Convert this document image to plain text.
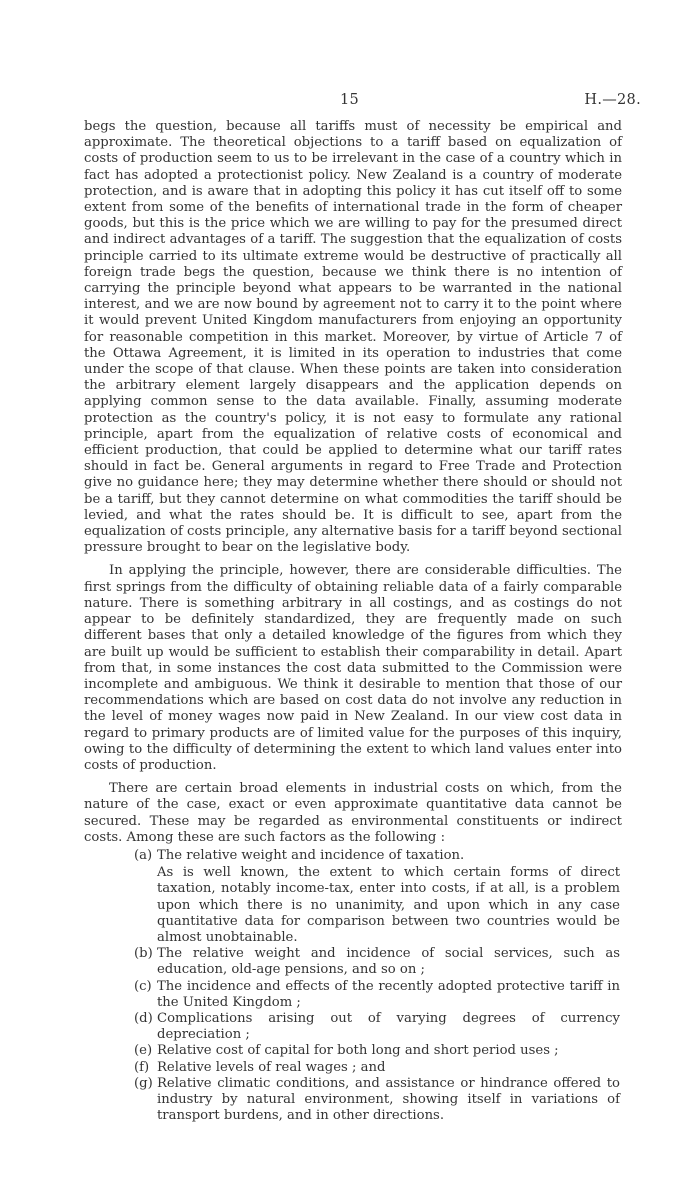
15	H.—28.

begs the question, because all tariffs must of necessity be empirical and approximate. The theoretical objections to a tariff based on equalization of costs of production seem to us to be irrelevant in the case of a country which in fact has adopted a protectionist policy. New Zealand is a country of moderate protection, and is aware that in adopting this policy it has cut itself off to some extent from some of the benefits of international trade in the form of cheaper goods, but this is the price which we are willing to pay for the presumed direct and indirect advantages of a tariff. The suggestion that the equalization of costs principle carried to its ultimate extreme would be destructive of practically all foreign trade begs the question, because we think there is no intention of carrying the principle beyond what appears to be warranted in the national interest, and we are now bound by agreement not to carry it to the point where it would prevent United Kingdom manufacturers from enjoying an opportunity for reasonable competition in this market. Moreover, by virtue of Article 7 of the Ottawa Agreement, it is limited in its operation to industries that come under the scope of that clause. When these points are taken into consideration the arbitrary element largely disappears and the application depends on applying common sense to the data available. Finally, assuming moderate protection as the country's policy, it is not easy to formulate any rational principle, apart from the equalization of relative costs of economical and efficient production, that could be applied to determine what our tariff rates should in fact be. General arguments in regard to Free Trade and Protection give no guidance here; they may determine whether there should or should not be a tariff, but they cannot determine on what commodities the tariff should be levied, and what the rates should be. It is difficult to see, apart from the equalization of costs principle, any alternative basis for a tariff beyond sectional pressure brought to bear on the legislative body.

In applying the principle, however, there are considerable difficulties. The first springs from the difficulty of obtaining reliable data of a fairly comparable nature. There is something arbitrary in all costings, and as costings do not appear to be definitely standardized, they are frequently made on such different bases that only a detailed knowledge of the figures from which they are built up would be sufficient to establish their comparability in detail. Apart from that, in some instances the cost data submitted to the Commission were incomplete and ambiguous. We think it desirable to mention that those of our recommendations which are based on cost data do not involve any reduction in the level of money wages now paid in New Zealand. In our view cost data in regard to primary products are of limited value for the purposes of this inquiry, owing to the difficulty of determining the extent to which land values enter into costs of production.

There are certain broad elements in industrial costs on which, from the nature of the case, exact or even approximate quantitative data cannot be secured. These may be regarded as environmental constituents or indirect costs. Among these are such factors as the following :

(a) The relative weight and incidence of taxation.

As is well known, the extent to which certain forms of direct taxation, notably income-tax, enter into costs, if at all, is a problem upon which there is no unanimity, and upon which in any case quantitative data for comparison between two countries would be almost unobtainable.

(b) The relative weight and incidence of social services, such as education, old-age pensions, and so on ;
(c) The incidence and effects of the recently adopted protective tariff in the United Kingdom ;
(d) Complications arising out of varying degrees of currency depreciation ;
(e) Relative cost of capital for both long and short period uses ;
(f) Relative levels of real wages ; and
(g) Relative climatic conditions, and assistance or hindrance offered to industry by natural environment, showing itself in variations of transport burdens, and in other directions.
